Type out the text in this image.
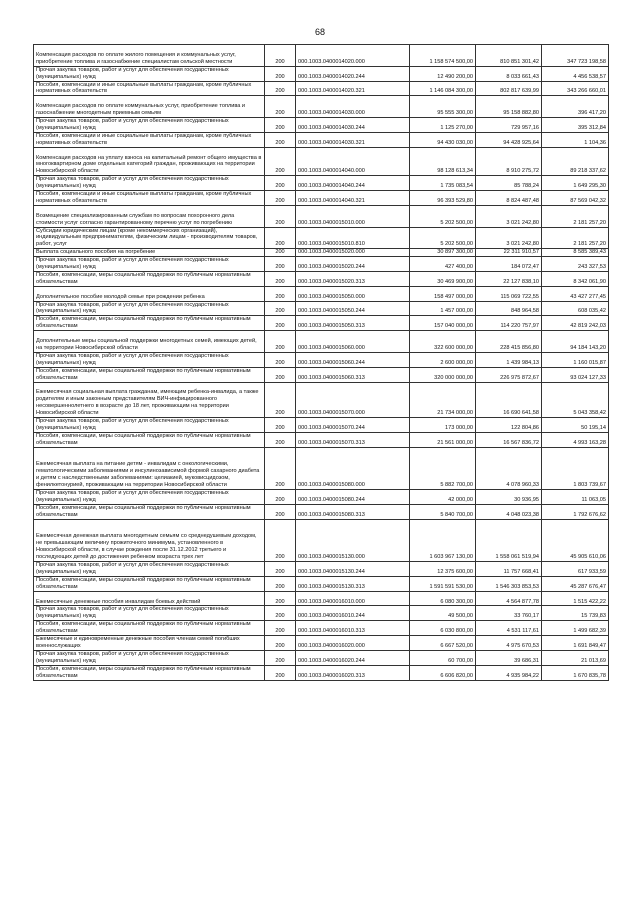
68
Компенсация расходов по оплате жилого помещения и коммунальных услуг, приобретение топлива и газоснабжение специалистам сельской местности	200	000.1003.0400014020.000	1 158 574 500,00	810 851 301,42	347 723 198,58
Прочая закупка товаров, работ и услуг для обеспечения государственных (муниципальных) нужд	200	000.1003.0400014020.244	12 490 200,00	8 033 661,43	4 456 538,57
Пособия, компенсации и иные социальные выплаты гражданам, кроме публичных нормативных обязательств	200	000.1003.0400014020.321	1 146 084 300,00	802 817 639,99	343 266 660,01
Компенсация расходов по оплате коммунальных услуг, приобретение топлива и газоснабжение многодетным приемным семьям	200	000.1003.0400014030.000	95 555 300,00	95 158 882,80	396 417,20
Прочая закупка товаров, работ и услуг для обеспечения государственных (муниципальных) нужд	200	000.1003.0400014030.244	1 125 270,00	729 957,16	395 312,84
Пособия, компенсации и иные социальные выплаты гражданам, кроме публичных нормативных обязательств	200	000.1003.0400014030.321	94 430 030,00	94 428 925,64	1 104,36
Компенсация расходов на уплату взноса на капитальный ремонт общего имущества в многоквартирном доме отдельных категорий граждан, проживающих на территории Новосибирской области	200	000.1003.0400014040.000	98 128 613,34	8 910 275,72	89 218 337,62
Прочая закупка товаров, работ и услуг для обеспечения государственных (муниципальных) нужд	200	000.1003.0400014040.244	1 735 083,54	85 788,24	1 649 295,30
Пособия, компенсации и иные социальные выплаты гражданам, кроме публичных нормативных обязательств	200	000.1003.0400014040.321	96 393 529,80	8 824 487,48	87 569 042,32
Возмещение специализированным службам по вопросам похоронного дела стоимости услуг согласно гарантированному перечню услуг по погребению	200	000.1003.0400015010.000	5 202 500,00	3 021 242,80	2 181 257,20
Субсидии юридическим лицам (кроме некоммерческих организаций), индивидуальным предпринимателям, физическим лицам - производителям товаров, работ, услуг	200	000.1003.0400015010.810	5 202 500,00	3 021 242,80	2 181 257,20
Выплата социального пособия на погребение	200	000.1003.0400015020.000	30 897 300,00	22 311 910,57	8 585 389,43
Прочая закупка товаров, работ и услуг для обеспечения государственных (муниципальных) нужд	200	000.1003.0400015020.244	427 400,00	184 072,47	243 327,53
Пособия, компенсации, меры социальной поддержки по публичным нормативным обязательствам	200	000.1003.0400015020.313	30 469 900,00	22 127 838,10	8 342 061,90
Дополнительное пособие молодой семье при рождении ребенка	200	000.1003.0400015050.000	158 497 000,00	115 069 722,55	43 427 277,45
Прочая закупка товаров, работ и услуг для обеспечения государственных (муниципальных) нужд	200	000.1003.0400015050.244	1 457 000,00	848 964,58	608 035,42
Пособия, компенсации, меры социальной поддержки по публичным нормативным обязательствам	200	000.1003.0400015050.313	157 040 000,00	114 220 757,97	42 819 242,03
Дополнительные меры социальной поддержки многодетных семей, имеющих детей, на территории Новосибирской области	200	000.1003.0400015060.000	322 600 000,00	228 415 856,80	94 184 143,20
Прочая закупка товаров, работ и услуг для обеспечения государственных (муниципальных) нужд	200	000.1003.0400015060.244	2 600 000,00	1 439 984,13	1 160 015,87
Пособия, компенсации, меры социальной поддержки по публичным нормативным обязательствам	200	000.1003.0400015060.313	320 000 000,00	226 975 872,67	93 024 127,33
Ежемесячная социальная выплата гражданам, имеющим ребенка-инвалида, а также родителям и иным законным представителям ВИЧ-инфицированного несовершеннолетнего в возрасте до 18 лет, проживающим на территории Новосибирской области	200	000.1003.0400015070.000	21 734 000,00	16 690 641,58	5 043 358,42
Прочая закупка товаров, работ и услуг для обеспечения государственных (муниципальных) нужд	200	000.1003.0400015070.244	173 000,00	122 804,86	50 195,14
Пособия, компенсации, меры социальной поддержки по публичным нормативным обязательствам	200	000.1003.0400015070.313	21 561 000,00	16 567 836,72	4 993 163,28
Ежемесячная выплата на питание детям - инвалидам с онкологическими, гематологическими заболеваниями и инсулинозависимой формой сахарного диабета и детям с наследственными заболеваниями: целиакией, муковисцидозом, фенилкетонурией, проживающим на территории Новосибирской области	200	000.1003.0400015080.000	5 882 700,00	4 078 960,33	1 803 739,67
Прочая закупка товаров, работ и услуг для обеспечения государственных (муниципальных) нужд	200	000.1003.0400015080.244	42 000,00	30 936,95	11 063,05
Пособия, компенсации, меры социальной поддержки по публичным нормативным обязательствам	200	000.1003.0400015080.313	5 840 700,00	4 048 023,38	1 792 676,62
Ежемесячная денежная выплата многодетным семьям со среднедушевым доходом, не превышающим величину прожиточного минимума, установленного в Новосибирской области, в случае рождения после 31.12.2012 третьего и последующих детей до достижения ребенком возраста трех лет	200	000.1003.0400015130.000	1 603 967 130,00	1 558 061 519,94	45 905 610,06
Прочая закупка товаров, работ и услуг для обеспечения государственных (муниципальных) нужд	200	000.1003.0400015130.244	12 375 600,00	11 757 668,41	617 933,59
Пособия, компенсации, меры социальной поддержки по публичным нормативным обязательствам	200	000.1003.0400015130.313	1 591 591 530,00	1 546 303 853,53	45 287 676,47
Ежемесячные денежные пособия инвалидам боевых действий	200	000.1003.0400016010.000	6 080 300,00	4 564 877,78	1 515 422,22
Прочая закупка товаров, работ и услуг для обеспечения государственных (муниципальных) нужд	200	000.1003.0400016010.244	49 500,00	33 760,17	15 739,83
Пособия, компенсации, меры социальной поддержки по публичным нормативным обязательствам	200	000.1003.0400016010.313	6 030 800,00	4 531 117,61	1 499 682,39
Ежемесячные и единовременные денежные пособия членам семей погибших военнослужащих	200	000.1003.0400016020.000	6 667 520,00	4 975 670,53	1 691 849,47
Прочая закупка товаров, работ и услуг для обеспечения государственных (муниципальных) нужд	200	000.1003.0400016020.244	60 700,00	39 686,31	21 013,69
Пособия, компенсации, меры социальной поддержки по публичным нормативным обязательствам	200	000.1003.0400016020.313	6 606 820,00	4 935 984,22	1 670 835,78
